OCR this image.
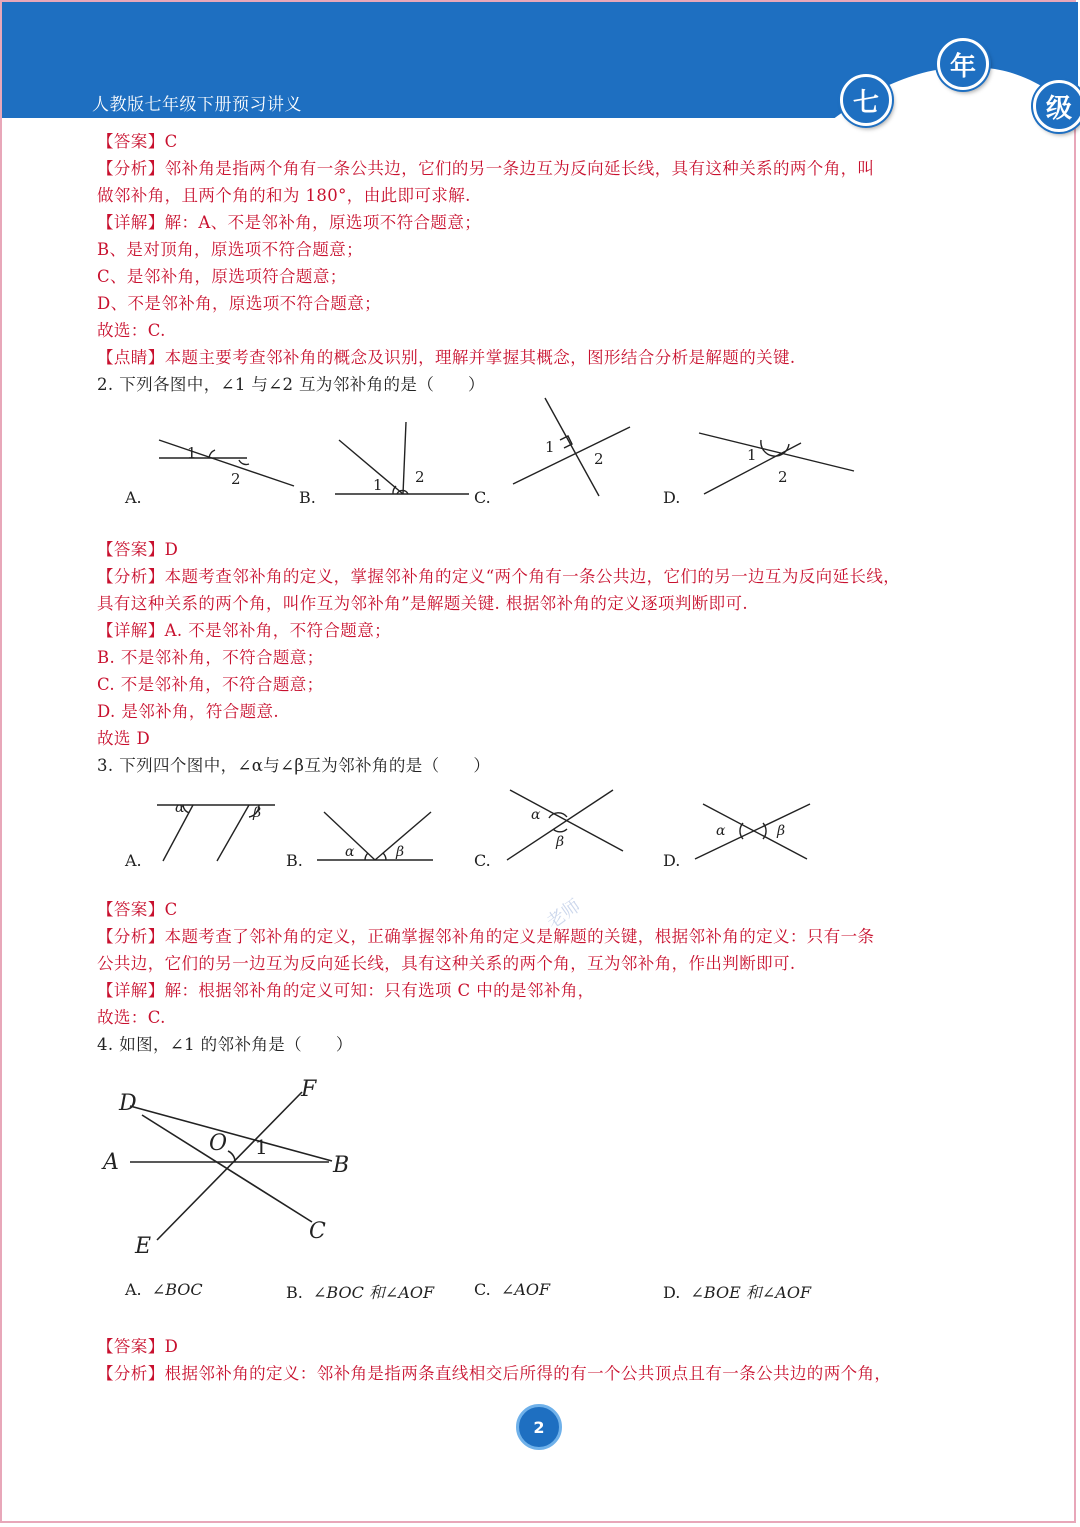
人教版七年级下册预习讲义	七
年
级
【答案】C
【分析】邻补角是指两个角有一条公共边，它们的另一条边互为反向延长线，具有这种关系的两个角，叫
做邻补角，且两个角的和为 180°，由此即可求解.
【详解】解：A、不是邻补角，原选项不符合题意；
B、是对顶角，原选项不符合题意；
C、是邻补角，原选项符合题意；
D、不是邻补角，原选项不符合题意；
故选：C.
【点睛】本题主要考查邻补角的概念及识别，理解并掌握其概念，图形结合分析是解题的关键.
2. 下列各图中，∠1 与∠2 互为邻补角的是（　　）
1
2	1 2
1
2	1
2
A.	B.	C.	D.
【答案】D
【分析】本题考查邻补角的定义，掌握邻补角的定义“两个角有一条公共边，它们的另一边互为反向延长线，
具有这种关系的两个角，叫作互为邻补角”是解题关键. 根据邻补角的定义逐项判断即可.
【详解】A. 不是邻补角，不符合题意；
B. 不是邻补角，不符合题意；
C. 不是邻补角，不符合题意；
D. 是邻补角，符合题意.
故选 D
3. 下列四个图中，∠α与∠β互为邻补角的是（　　）
α	β
α	β
α
β
α	β
A.	B.	C.	D.
【答案】C
【分析】本题考查了邻补角的定义，正确掌握邻补角的定义是解题的关键，根据邻补角的定义：只有一条
公共边，它们的另一边互为反向延长线，具有这种关系的两个角，互为邻补角，作出判断即可.
【详解】解：根据邻补角的定义可知：只有选项 C 中的是邻补角，
故选：C.
4. 如图，∠1 的邻补角是（　　）
D
F
A
O
B
E
C
1
A. ∠BOC	B. ∠BOC 和∠AOF C. ∠AOF	D. ∠BOE 和∠AOF
【答案】D
【分析】根据邻补角的定义：邻补角是指两条直线相交后所得的有一个公共顶点且有一条公共边的两个角，
老师
2
